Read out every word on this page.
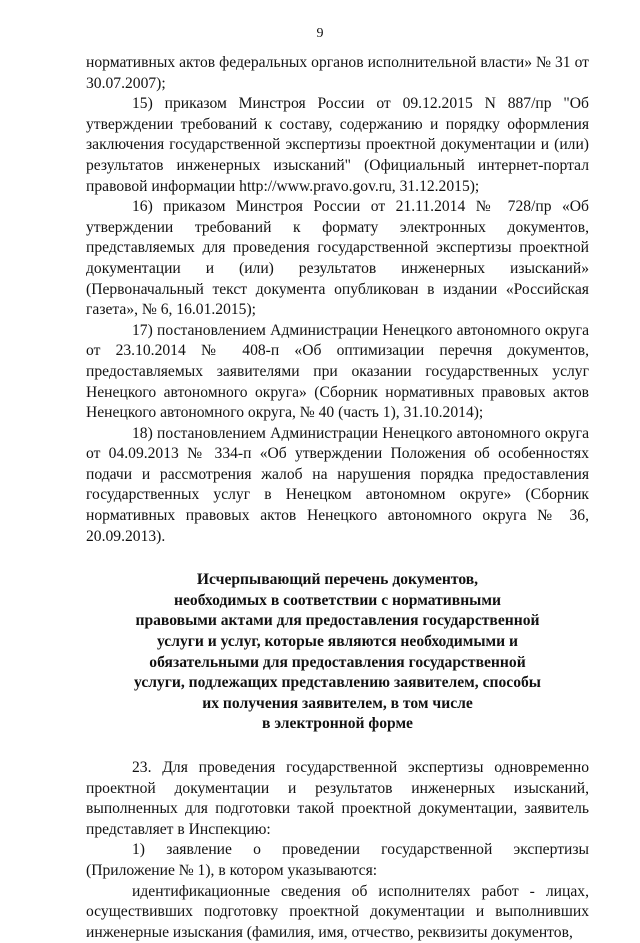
9

нормативных актов федеральных органов исполнительной власти» № 31 от 30.07.2007);

15) приказом Минстроя России от 09.12.2015 N 887/пр "Об утверждении требований к составу, содержанию и порядку оформления заключения государственной экспертизы проектной документации и (или) результатов инженерных изысканий" (Официальный интернет-портал правовой информации http://www.pravo.gov.ru, 31.12.2015);

16) приказом Минстроя России от 21.11.2014 № 728/пр «Об утверждении требований к формату электронных документов, представляемых для проведения государственной экспертизы проектной документации и (или) результатов инженерных изысканий» (Первоначальный текст документа опубликован в издании «Российская газета», № 6, 16.01.2015);

17) постановлением Администрации Ненецкого автономного округа от 23.10.2014 № 408-п «Об оптимизации перечня документов, предоставляемых заявителями при оказании государственных услуг Ненецкого автономного округа» (Сборник нормативных правовых актов Ненецкого автономного округа, № 40 (часть 1), 31.10.2014);

18) постановлением Администрации Ненецкого автономного округа от 04.09.2013 № 334-п «Об утверждении Положения об особенностях подачи и рассмотрения жалоб на нарушения порядка предоставления государственных услуг в Ненецком автономном округе» (Сборник нормативных правовых актов Ненецкого автономного округа № 36, 20.09.2013).

Исчерпывающий перечень документов,
необходимых в соответствии с нормативными
правовыми актами для предоставления государственной
услуги и услуг, которые являются необходимыми и
обязательными для предоставления государственной
услуги, подлежащих представлению заявителем, способы
их получения заявителем, в том числе
в электронной форме

23. Для проведения государственной экспертизы одновременно проектной документации и результатов инженерных изысканий, выполненных для подготовки такой проектной документации, заявитель представляет в Инспекцию:

1) заявление о проведении государственной экспертизы (Приложение № 1), в котором указываются:

идентификационные сведения об исполнителях работ - лицах, осуществивших подготовку проектной документации и выполнивших инженерные изыскания (фамилия, имя, отчество, реквизиты документов,
